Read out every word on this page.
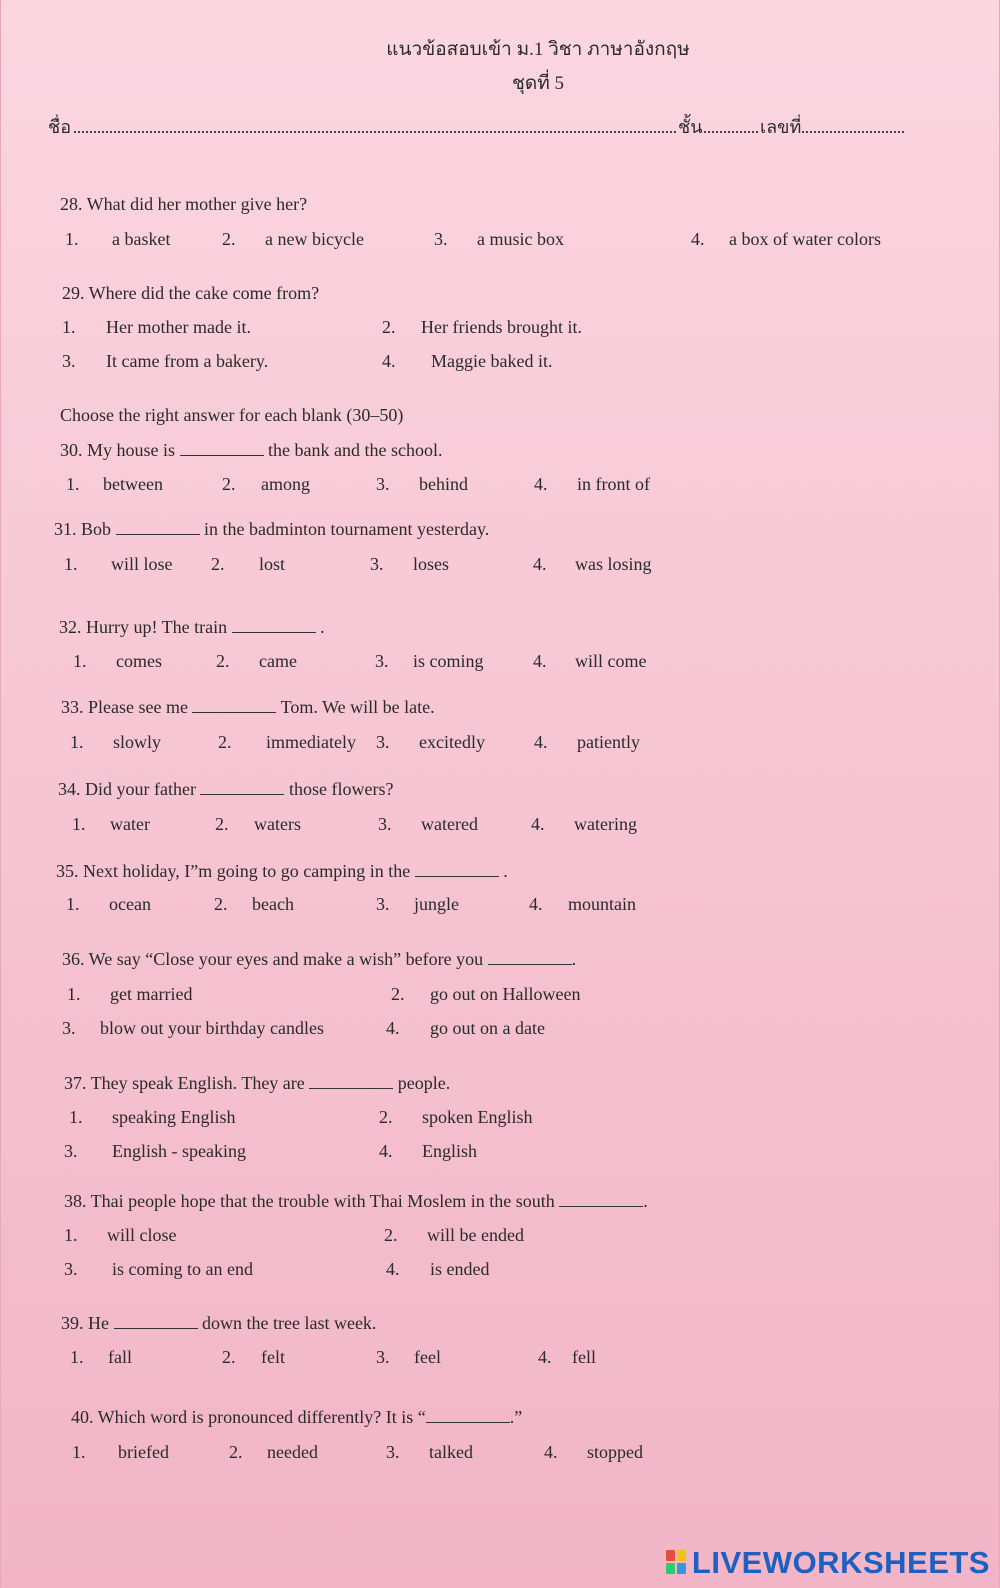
แนวข้อสอบเข้า ม.1 วิชา ภาษาอังกฤษ
ชุดที่ 5
ชื่อ	ชั้น	เลขที่
28. What did her mother give her?
1. a basket	2. a new bicycle	3. a music box	4. a box of water colors
29. Where did the cake come from?
1. Her mother made it.	2. Her friends brought it.
3. It came from a bakery.	4. Maggie baked it.
Choose the right answer for each blank (30–50)
30. My house is	the bank and the school.
1. between	2. among	3. behind	4. in front of
31. Bob	in the badminton tournament yesterday.
1. will lose 2. lost	3. loses	4. was losing
32. Hurry up! The train	.
1. comes	2. came	3. is coming	4. will come
33. Please see me	Tom. We will be late.
1. slowly	2. immediately 3. excitedly	4. patiently
34. Did your father	those flowers?
1. water	2. waters	3. watered	4. watering
35. Next holiday, I”m going to go camping in the	.
1. ocean	2. beach	3. jungle	4. mountain
36. We say “Close your eyes and make a wish” before you	.
1. get married	2. go out on Halloween
3. blow out your birthday candles	4. go out on a date
37. They speak English. They are	people.
1. speaking English	2. spoken English
3. English - speaking	4. English
38. Thai people hope that the trouble with Thai Moslem in the south	.
1. will close	2. will be ended
3. is coming to an end	4. is ended
39. He	down the tree last week.
1. fall	2. felt	3. feel	4. fell
40. Which word is pronounced differently? It is “	.”
1. briefed	2. needed	3. talked	4. stopped
LIVEWORKSHEETS
